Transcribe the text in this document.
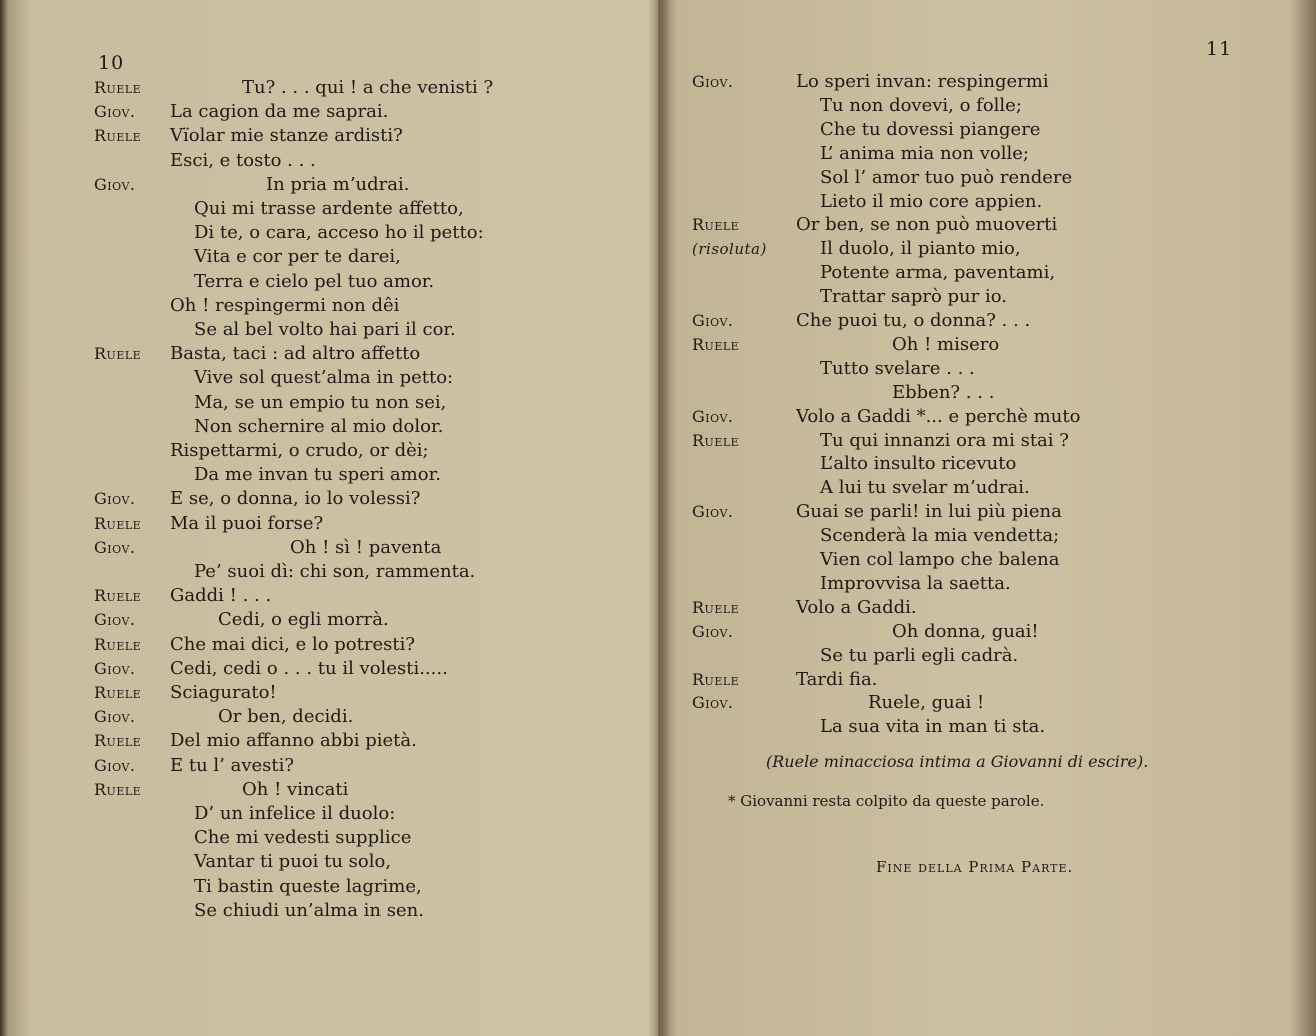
10
Ruele	Tu? . . . qui ! a che venisti ?
Giov. La cagion da me saprai.
Ruele Vïolar mie stanze ardisti?
Esci, e tosto . . .
Giov.	In pria m’udrai.
Qui mi trasse ardente affetto,
Di te, o cara, acceso ho il petto:
Vita e cor per te darei,
Terra e cielo pel tuo amor.
Oh ! respingermi non dêi
Se al bel volto hai pari il cor.
Ruele Basta, taci : ad altro affetto
Vive sol quest’alma in petto:
Ma, se un empio tu non sei,
Non schernire al mio dolor.
Rispettarmi, o crudo, or dèi;
Da me invan tu speri amor.
Giov. E se, o donna, io lo volessi?
Ruele Ma il puoi forse?
Giov.	Oh ! sì ! paventa
Pe’ suoi dì: chi son, rammenta.
Ruele Gaddi ! . . .
Giov.	Cedi, o egli morrà.
Ruele Che mai dici, e lo potresti?
Giov. Cedi, cedi o . . . tu il volesti.....
Ruele Sciagurato!
Giov.	Or ben, decidi.
Ruele Del mio affanno abbi pietà.
Giov. E tu l’ avesti?
Ruele	Oh ! vincati
D’ un infelice il duolo:
Che mi vedesti supplice
Vantar ti puoi tu solo,
Ti bastin queste lagrime,
Se chiudi un’alma in sen.
11
(Ruele minacciosa intima a Giovanni di escire).
* Giovanni resta colpito da queste parole.
Fine della Prima Parte.
Giov.	Lo speri invan: respingermi
Tu non dovevi, o folle;
Che tu dovessi piangere
L’ anima mia non volle;
Sol l’ amor tuo può rendere
Lieto il mio core appien.
Ruele	Or ben, se non può muoverti
(risoluta)	Il duolo, il pianto mio,
Potente arma, paventami,
Trattar saprò pur io.
Giov.	Che puoi tu, o donna? . . .
Ruele	Oh ! misero
Tutto svelare . . .
Ebben? . . .
Giov.	Volo a Gaddi *... e perchè muto
Ruele	Tu qui innanzi ora mi stai ?
L’alto insulto ricevuto
A lui tu svelar m’udrai.
Giov.	Guai se parli! in lui più piena
Scenderà la mia vendetta;
Vien col lampo che balena
Improvvisa la saetta.
Ruele	Volo a Gaddi.
Giov.	Oh donna, guai!
Se tu parli egli cadrà.
Ruele	Tardi fia.
Giov.	Ruele, guai !
La sua vita in man ti sta.
